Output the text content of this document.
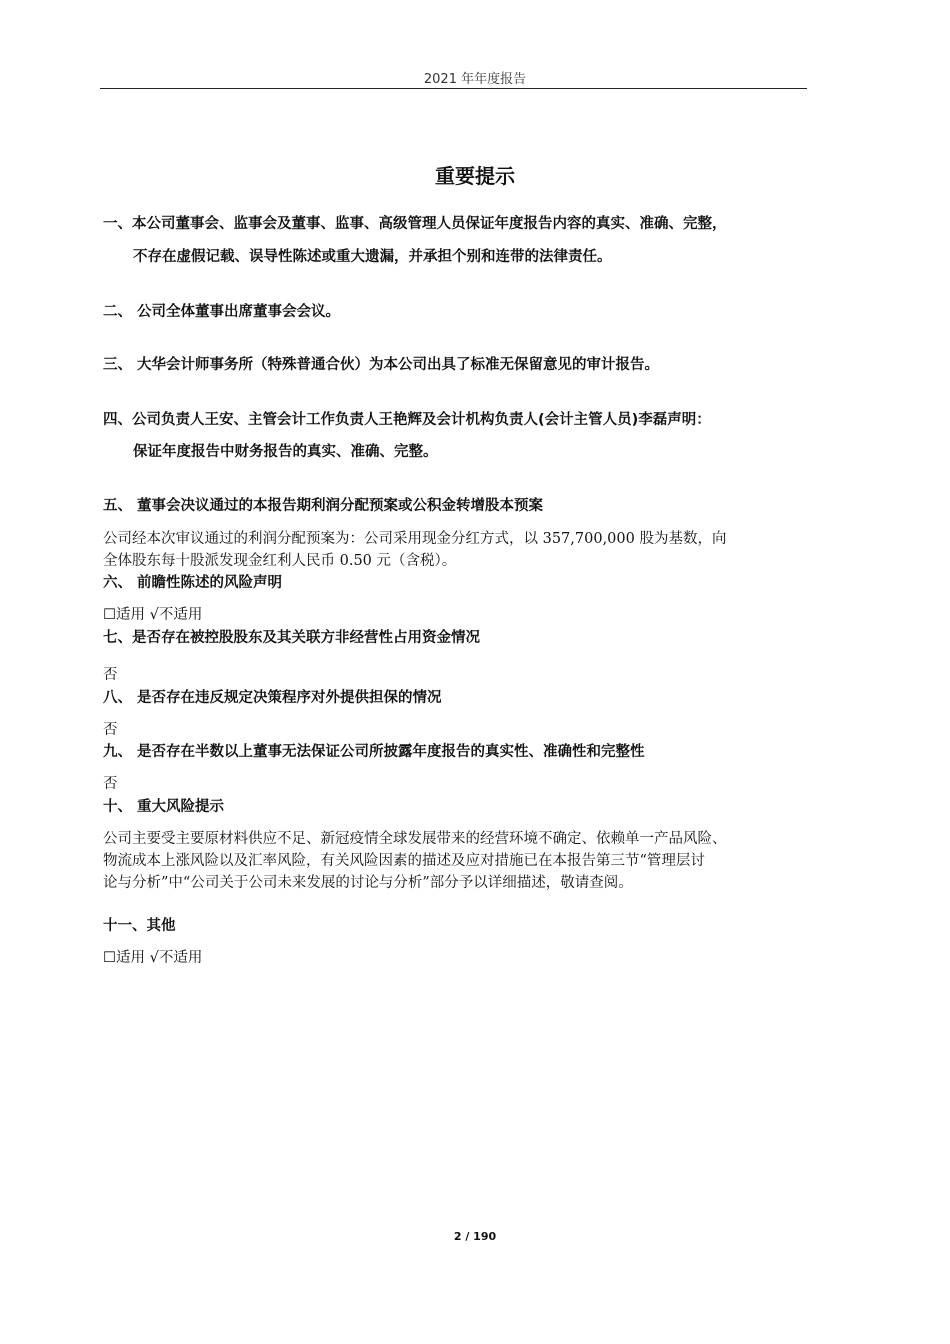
2021 年年度报告
重要提示
一、本公司董事会、监事会及董事、监事、高级管理人员保证年度报告内容的真实、准确、完整，
不存在虚假记载、误导性陈述或重大遗漏，并承担个别和连带的法律责任。
二、 公司全体董事出席董事会会议。
三、 大华会计师事务所（特殊普通合伙）为本公司出具了标准无保留意见的审计报告。
四、公司负责人王安、主管会计工作负责人王艳辉及会计机构负责人(会计主管人员)李磊声明：
保证年度报告中财务报告的真实、准确、完整。
五、 董事会决议通过的本报告期利润分配预案或公积金转增股本预案
公司经本次审议通过的利润分配预案为：公司采用现金分红方式，以 357,700,000 股为基数，向
全体股东每十股派发现金红利人民币 0.50 元（含税）。
六、 前瞻性陈述的风险声明
☐适用 √不适用
七、是否存在被控股股东及其关联方非经营性占用资金情况
否
八、 是否存在违反规定决策程序对外提供担保的情况
否
九、 是否存在半数以上董事无法保证公司所披露年度报告的真实性、准确性和完整性
否
十、 重大风险提示
公司主要受主要原材料供应不足、新冠疫情全球发展带来的经营环境不确定、依赖单一产品风险、
物流成本上涨风险以及汇率风险，有关风险因素的描述及应对措施已在本报告第三节“管理层讨
论与分析”中“公司关于公司未来发展的讨论与分析”部分予以详细描述，敬请查阅。
十一、其他
☐适用 √不适用
2 / 190
